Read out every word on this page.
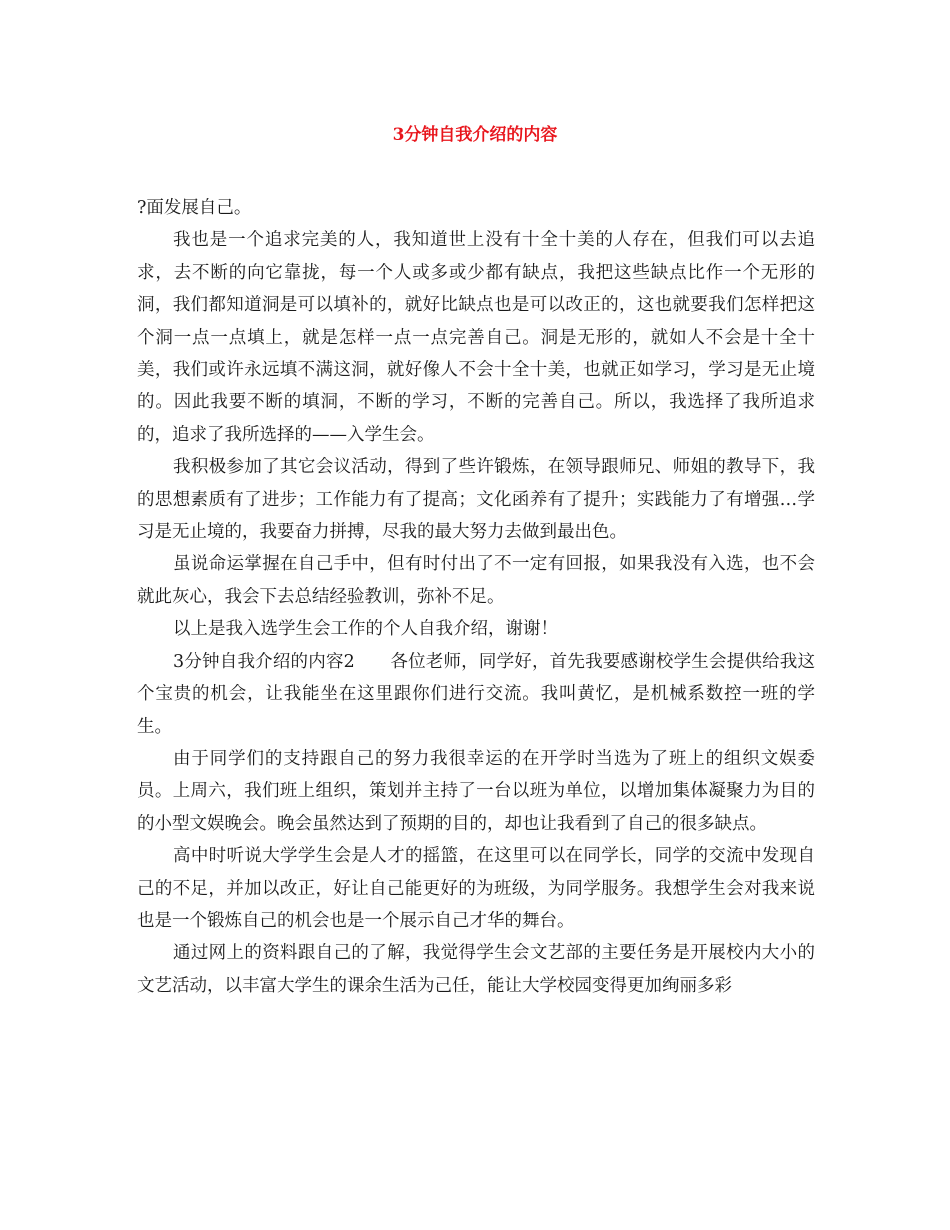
3分钟自我介绍的内容

?面发展自己。

我也是一个追求完美的人，我知道世上没有十全十美的人存在，但我们可以去追求，去不断的向它靠拢，每一个人或多或少都有缺点，我把这些缺点比作一个无形的洞，我们都知道洞是可以填补的，就好比缺点也是可以改正的，这也就要我们怎样把这个洞一点一点填上，就是怎样一点一点完善自己。洞是无形的，就如人不会是十全十美，我们或许永远填不满这洞，就好像人不会十全十美，也就正如学习，学习是无止境的。因此我要不断的填洞，不断的学习，不断的完善自己。所以，我选择了我所追求的，追求了我所选择的——入学生会。

我积极参加了其它会议活动，得到了些许锻炼，在领导跟师兄、师姐的教导下，我的思想素质有了进步；工作能力有了提高；文化函养有了提升；实践能力了有增强…学习是无止境的，我要奋力拼搏，尽我的最大努力去做到最出色。

虽说命运掌握在自己手中，但有时付出了不一定有回报，如果我没有入选，也不会就此灰心，我会下去总结经验教训，弥补不足。

以上是我入选学生会工作的个人自我介绍，谢谢！

3分钟自我介绍的内容2　　各位老师，同学好，首先我要感谢校学生会提供给我这个宝贵的机会，让我能坐在这里跟你们进行交流。我叫黄忆，是机械系数控一班的学生。

由于同学们的支持跟自己的努力我很幸运的在开学时当选为了班上的组织文娱委员。上周六，我们班上组织，策划并主持了一台以班为单位，以增加集体凝聚力为目的的小型文娱晚会。晚会虽然达到了预期的目的，却也让我看到了自己的很多缺点。

高中时听说大学学生会是人才的摇篮，在这里可以在同学长，同学的交流中发现自己的不足，并加以改正，好让自己能更好的为班级，为同学服务。我想学生会对我来说也是一个锻炼自己的机会也是一个展示自己才华的舞台。

通过网上的资料跟自己的了解，我觉得学生会文艺部的主要任务是开展校内大小的文艺活动，以丰富大学生的课余生活为己任，能让大学校园变得更加绚丽多彩
